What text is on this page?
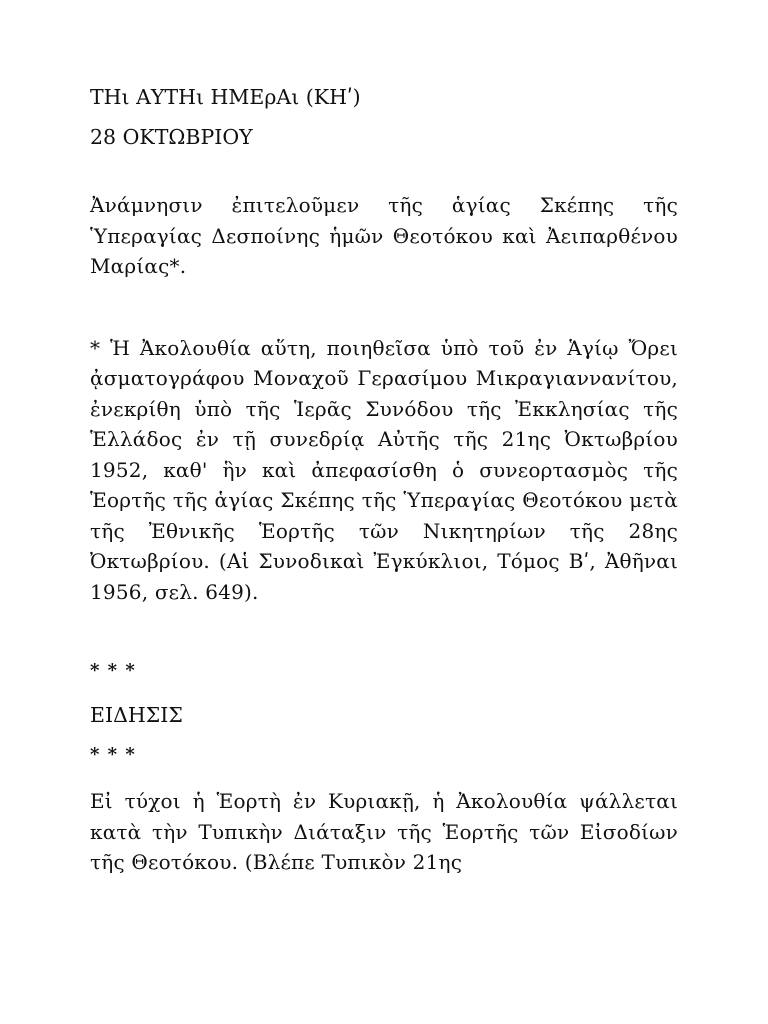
ΤΗι ΑΥΤΗι ΗΜΕρΑι (ΚΗʹ)

28 ΟΚΤΩΒΡΙΟΥ

Ἀνάμνησιν ἐπιτελοῦμεν τῆς ἁγίας Σκέπης τῆς Ὑπεραγίας Δεσποίνης ἡμῶν Θεοτόκου καὶ Ἀειπαρθένου Μαρίας*.

* Ἡ Ἀκολουθία αὕτη, ποιηθεῖσα ὑπὸ τοῦ ἐν Ἁγίῳ Ὄρει ᾀσματογράφου Μοναχοῦ Γερασίμου Μικραγιαννανίτου, ἐνεκρίθη ὑπὸ τῆς Ἱερᾶς Συνόδου τῆς Ἐκκλησίας τῆς Ἑλλάδος ἐν τῇ συνεδρίᾳ Αὐτῆς τῆς 21ης Ὀκτωβρίου 1952, καθ' ἣν καὶ ἀπεφασίσθη ὁ συνεορτασμὸς τῆς Ἑορτῆς τῆς ἁγίας Σκέπης τῆς Ὑπεραγίας Θεοτόκου μετὰ τῆς Ἐθνικῆς Ἑορτῆς τῶν Νικητηρίων τῆς 28ης Ὀκτωβρίου. (Αἱ Συνοδικαὶ Ἐγκύκλιοι, Τόμος Βʹ, Ἀθῆναι 1956, σελ. 649).

* * *

ΕΙΔΗΣΙΣ

* * *

Εἰ τύχοι ἡ Ἑορτὴ ἐν Κυριακῇ, ἡ Ἀκολουθία ψάλλεται κατὰ τὴν Τυπικὴν Διάταξιν τῆς Ἑορτῆς τῶν Εἰσοδίων τῆς Θεοτόκου. (Βλέπε Τυπικὸν 21ης
